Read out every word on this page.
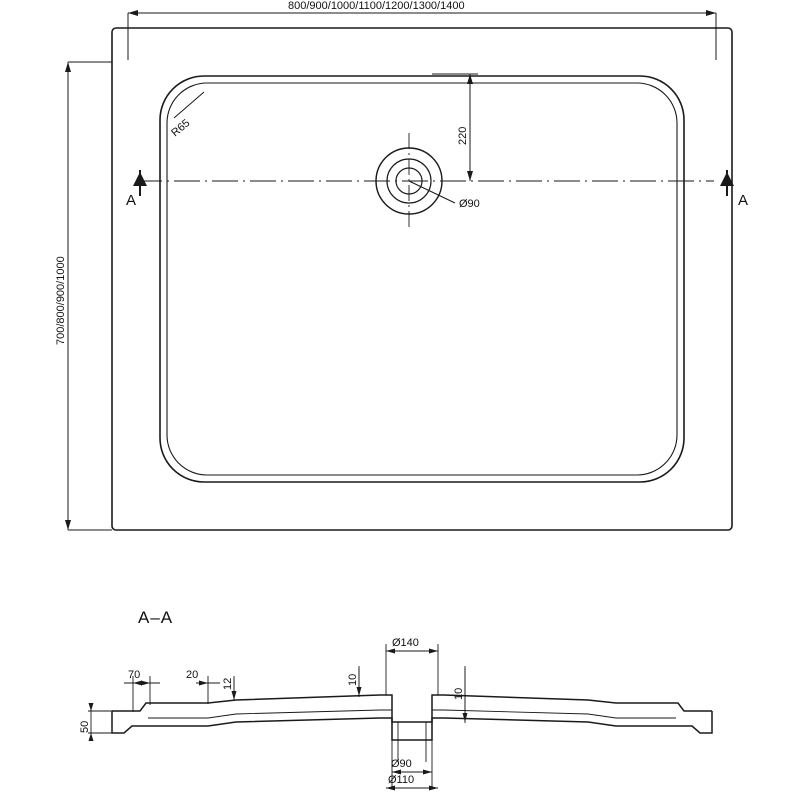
R65
A	A
Ø90
220
800/900/1000/1100/1200/1300/1400
700/800/900/1000
A–A
70	20
12	10
10
50
Ø140
Ø90
Ø110
